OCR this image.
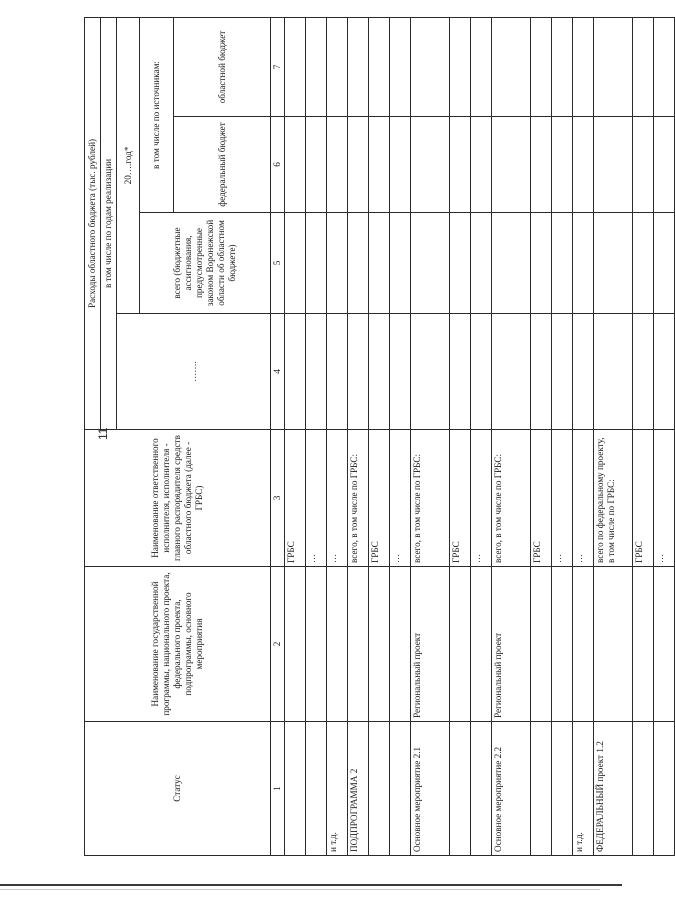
11
Статус	Наименование государственной программы, национального проекта, федерального проекта, подпрограммы, основного мероприятия	Наименование ответственного исполнителя, исполнителя - главного распорядителя средств областного бюджета (далее - ГРБС)	Расходы областного бюджета (тыс. рублей)			
			в том числе по годам реализации			
			…….	20….год*		
				всего (бюджетные ассигнования, предусмотренные законом Воронежской области об областном бюджете)	в том числе по источникам:	
					федеральный бюджет	областной бюджет
1	2	3	4	5	6	7
		ГРБС				
		…				
и т.д.		…				
ПОДПРОГРАММА 2		всего, в том числе по ГРБС:				
		ГРБС				
		…				
Основное мероприятие 2.1	Региональный проект	всего, в том числе по ГРБС:				
		ГРБС				
		…				
Основное мероприятие 2.2	Региональный проект	всего, в том числе по ГРБС:				
		ГРБС				
		…				
и т.д.		…				
ФЕДЕРАЛЬНЫЙ проект 1.2		всего по федеральному проекту, в том числе по ГРБС:				
		ГРБС				
		…				
